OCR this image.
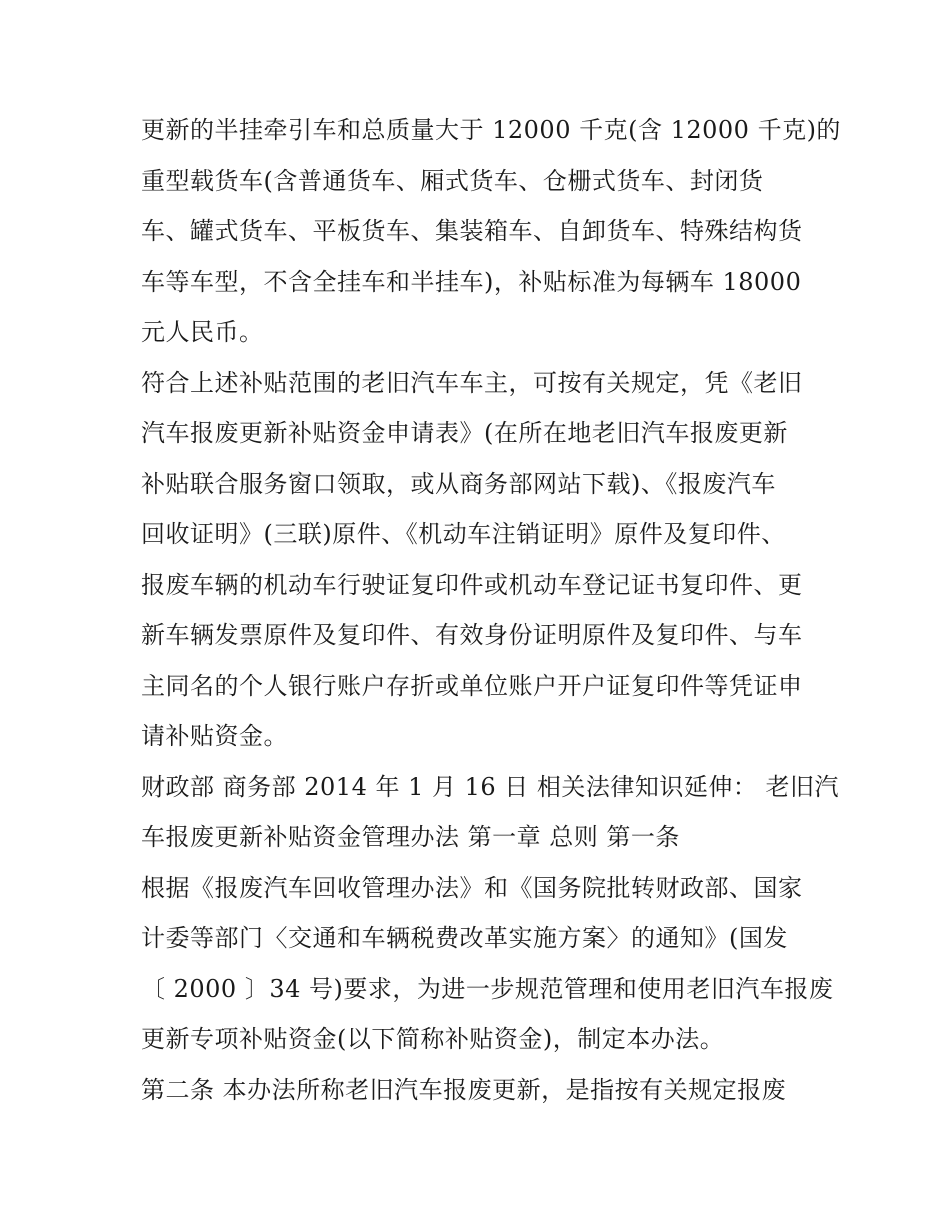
更新的半挂牵引车和总质量大于 12000 千克(含 12000 千克)的
重型载货车(含普通货车、厢式货车、仓栅式货车、封闭货
车、罐式货车、平板货车、集装箱车、自卸货车、特殊结构货
车等车型，不含全挂车和半挂车)，补贴标准为每辆车 18000
元人民币。
符合上述补贴范围的老旧汽车车主，可按有关规定，凭《老旧
汽车报废更新补贴资金申请表》(在所在地老旧汽车报废更新
补贴联合服务窗口领取，或从商务部网站下载)、《报废汽车
回收证明》(三联)原件、《机动车注销证明》原件及复印件、
报废车辆的机动车行驶证复印件或机动车登记证书复印件、更
新车辆发票原件及复印件、有效身份证明原件及复印件、与车
主同名的个人银行账户存折或单位账户开户证复印件等凭证申
请补贴资金。
财政部 商务部 2014 年 1 月 16 日 相关法律知识延伸： 老旧汽
车报废更新补贴资金管理办法 第一章 总则 第一条
根据《报废汽车回收管理办法》和《国务院批转财政部、国家
计委等部门〈交通和车辆税费改革实施方案〉的通知》(国发
〔 2000 〕34 号)要求，为进一步规范管理和使用老旧汽车报废
更新专项补贴资金(以下简称补贴资金)，制定本办法。
第二条 本办法所称老旧汽车报废更新，是指按有关规定报废
